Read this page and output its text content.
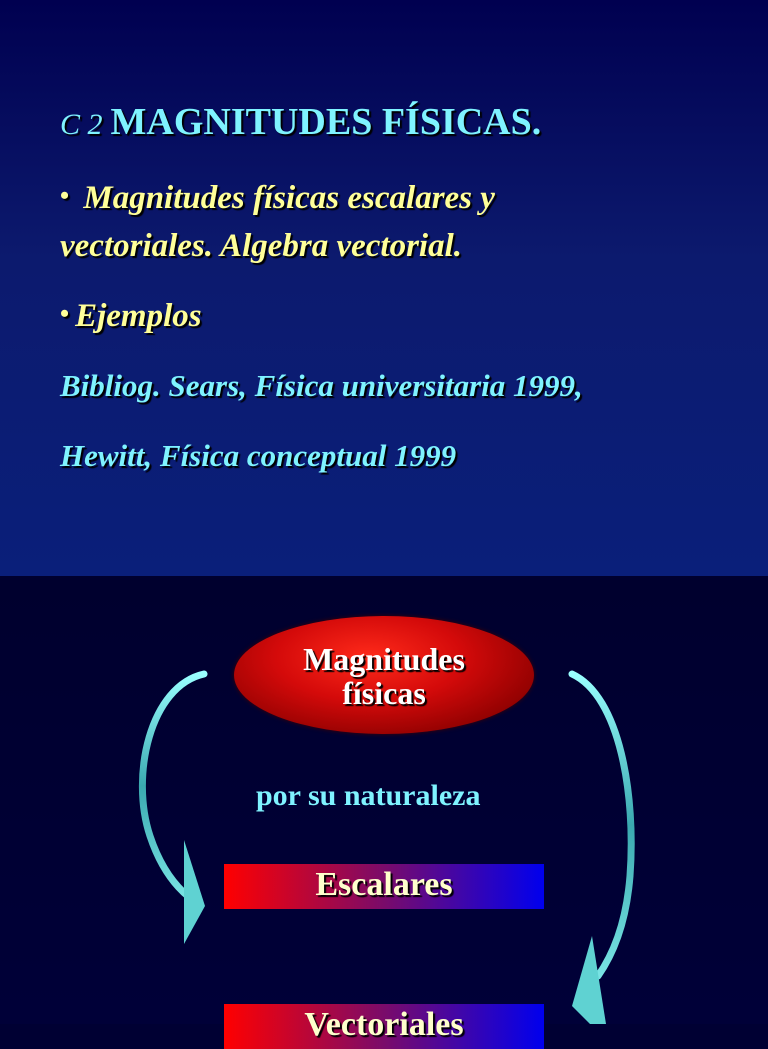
C 2 MAGNITUDES FÍSICAS.
• Magnitudes físicas escalares y
vectoriales. Algebra vectorial.
• Ejemplos
Bibliog. Sears, Física universitaria 1999,
Hewitt, Física conceptual 1999
Magnitudes
físicas
por su naturaleza
Escalares
Vectoriales
